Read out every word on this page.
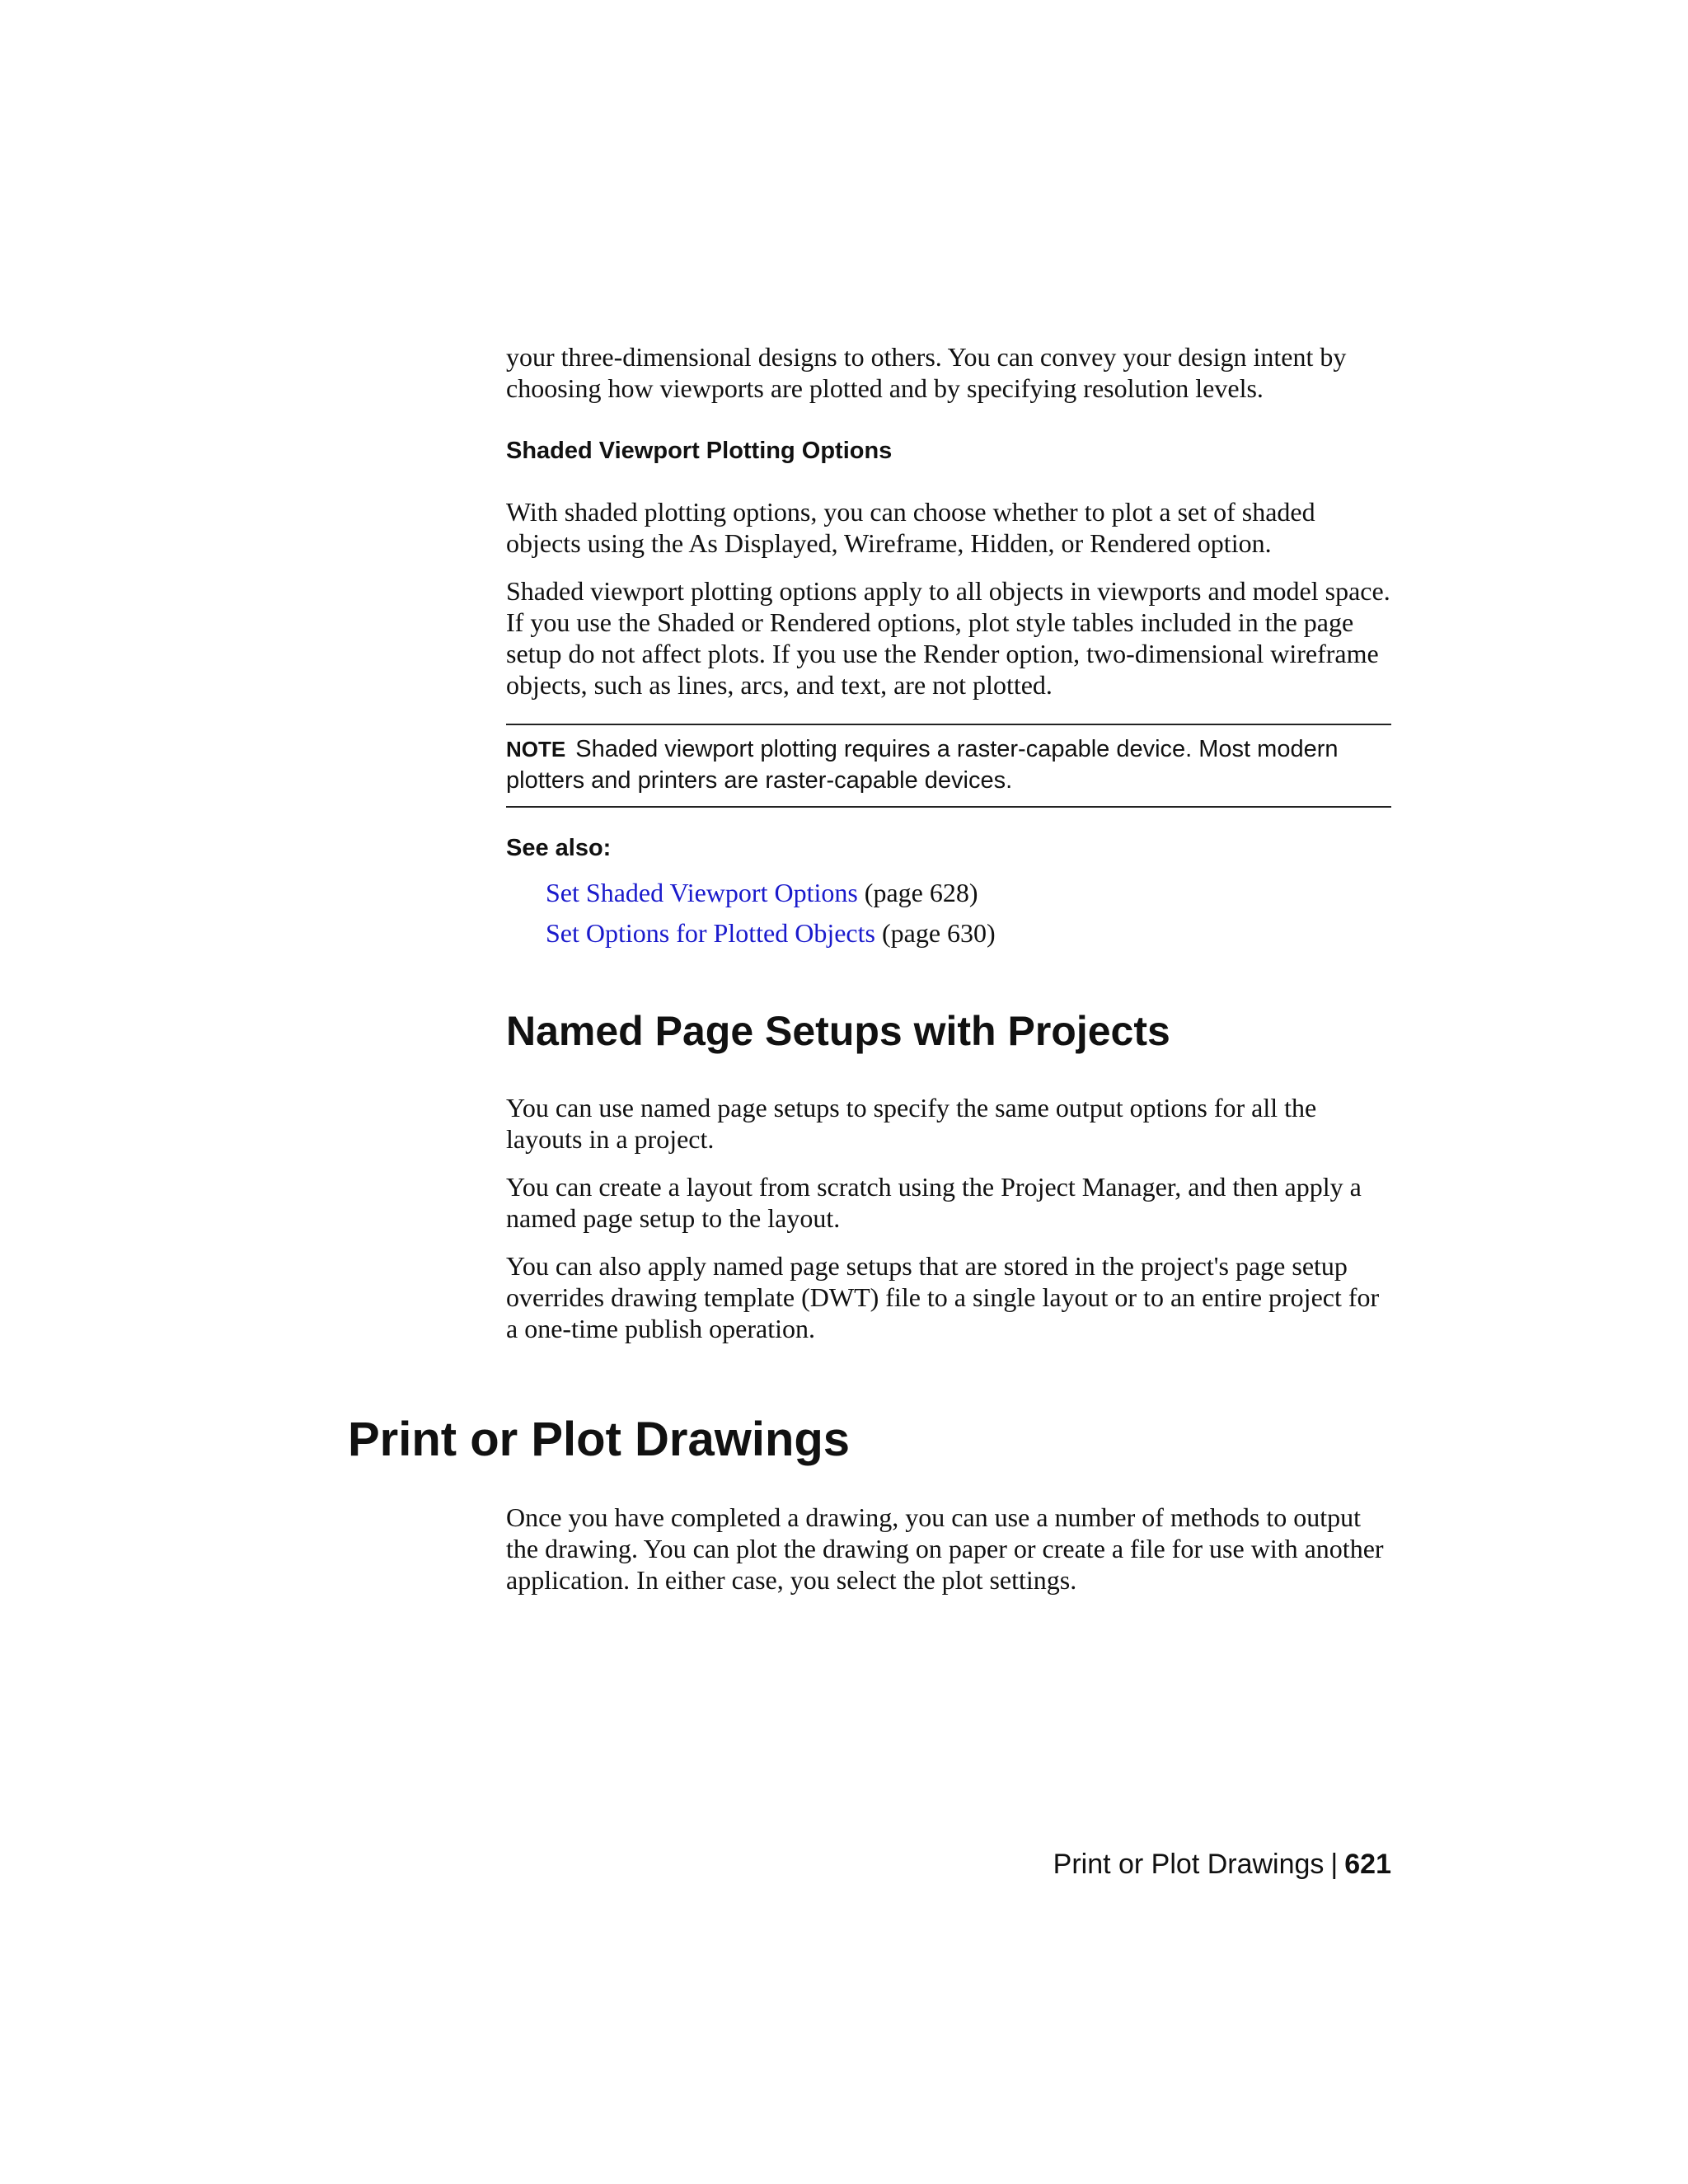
your three-dimensional designs to others. You can convey your design intent by choosing how viewports are plotted and by specifying resolution levels.

Shaded Viewport Plotting Options

With shaded plotting options, you can choose whether to plot a set of shaded objects using the As Displayed, Wireframe, Hidden, or Rendered option.

Shaded viewport plotting options apply to all objects in viewports and model space. If you use the Shaded or Rendered options, plot style tables included in the page setup do not affect plots. If you use the Render option, two-dimensional wireframe objects, such as lines, arcs, and text, are not plotted.

NOTE Shaded viewport plotting requires a raster-capable device. Most modern plotters and printers are raster-capable devices.
See also:
Set Shaded Viewport Options (page 628)
Set Options for Plotted Objects (page 630)
Named Page Setups with Projects

You can use named page setups to specify the same output options for all the layouts in a project.

You can create a layout from scratch using the Project Manager, and then apply a named page setup to the layout.

You can also apply named page setups that are stored in the project's page setup overrides drawing template (DWT) file to a single layout or to an entire project for a one-time publish operation.

Print or Plot Drawings

Once you have completed a drawing, you can use a number of methods to output the drawing. You can plot the drawing on paper or create a file for use with another application. In either case, you select the plot settings.

Print or Plot Drawings | 621
